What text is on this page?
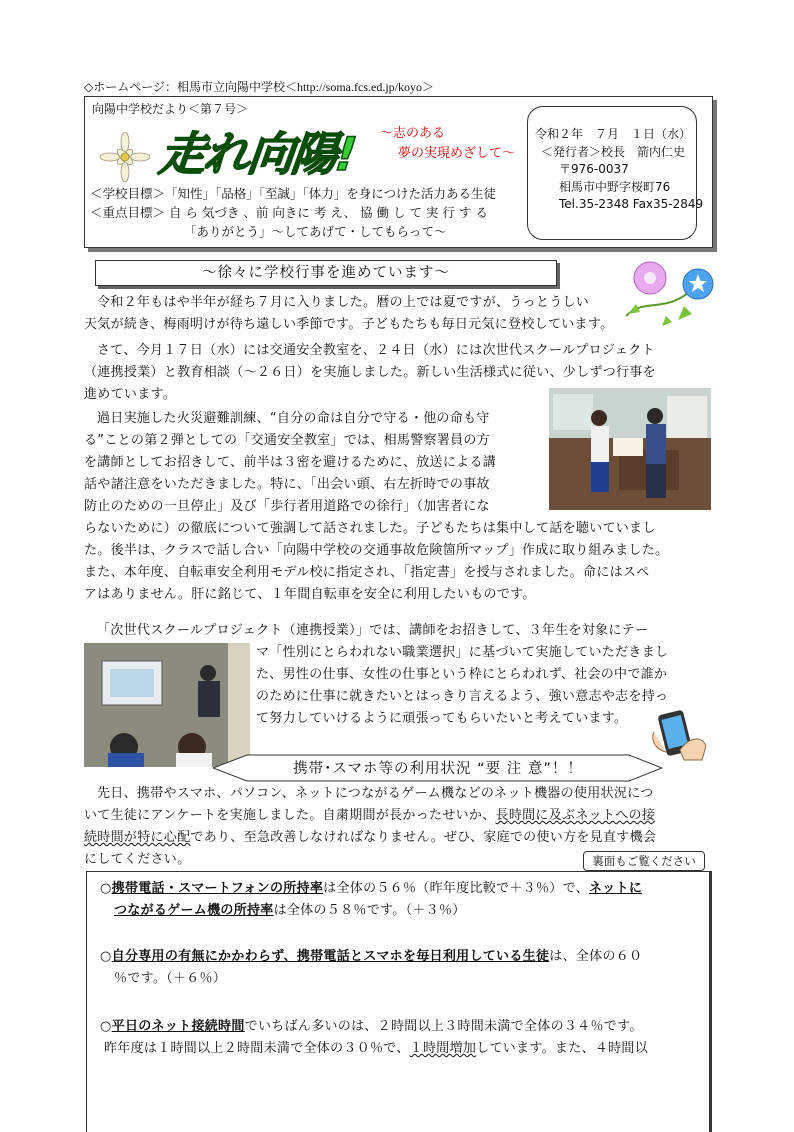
◇ホームページ：相馬市立向陽中学校＜http://soma.fcs.ed.jp/koyo＞
向陽中学校だより＜第７号＞
走れ向陽! ～志のある
夢の実現めざして～
＜学校目標＞「知性」「品格」「至誠」「体力」を身につけた活力ある生徒
＜重点目標＞ 自 ら 気づき 、前 向きに 考 え、 協 働 し て 実 行 す る
「ありがとう」～してあげて・してもらって～
令和２年　７月　１日（水）
＜発行者＞校長　箭内仁史
〒976-0037
相馬市中野字桜町76
Tel.35-2348 Fax35-2849
～徐々に学校行事を進めています～
令和２年もはや半年が経ち７月に入りました。暦の上では夏ですが、うっとうしい
天気が続き、梅雨明けが待ち遠しい季節です。子どもたちも毎日元気に登校しています。
さて、今月１７日（水）には交通安全教室を、２４日（水）には次世代スクールプロジェクト
（連携授業）と教育相談（～２６日）を実施しました。新しい生活様式に従い、少しずつ行事を
進めています。
過日実施した火災避難訓練、“自分の命は自分で守る・他の命も守
る”ことの第２弾としての「交通安全教室」では、相馬警察署員の方
を講師としてお招きして、前半は３密を避けるために、放送による講
話や諸注意をいただきました。特に、「出会い頭、右左折時での事故
防止のための一旦停止」及び「歩行者用道路での徐行」（加害者にな
らないために）の徹底について強調して話されました。子どもたちは集中して話を聴いていまし
た。後半は、クラスで話し合い「向陽中学校の交通事故危険箇所マップ」作成に取り組みました。
また、本年度、自転車安全利用モデル校に指定され、「指定書」を授与されました。命にはスペ
アはありません。肝に銘じて、１年間自転車を安全に利用したいものです。
「次世代スクールプロジェクト（連携授業）」では、講師をお招きして、３年生を対象にテー
マ「性別にとらわれない職業選択」に基づいて実施していただきまし
た、男性の仕事、女性の仕事という枠にとらわれず、社会の中で誰か
のために仕事に就きたいとはっきり言えるよう、強い意志や志を持っ
て努力していけるように頑張ってもらいたいと考えています。
携帯･スマホ等の利用状況 “要 注 意”！！
先日、携帯やスマホ、パソコン、ネットにつながるゲーム機などのネット機器の使用状況につ
いて生徒にアンケートを実施しました。自粛期間が長かったせいか、長時間に及ぶネットへの接
続時間が特に心配であり、至急改善しなければなりません。ぜひ、家庭での使い方を見直す機会
にしてください。	裏面もご覧ください
○携帯電話・スマートフォンの所持率は全体の５６％（昨年度比較で＋３％）で、ネットに
つながるゲーム機の所持率は全体の５８％です。（＋３％）
○自分専用の有無にかかわらず、携帯電話とスマホを毎日利用している生徒は、全体の６０
％です。（＋６％）
○平日のネット接続時間でいちばん多いのは、２時間以上３時間未満で全体の３４％です。
昨年度は１時間以上２時間未満で全体の３０％で、１時間増加しています。また、４時間以
